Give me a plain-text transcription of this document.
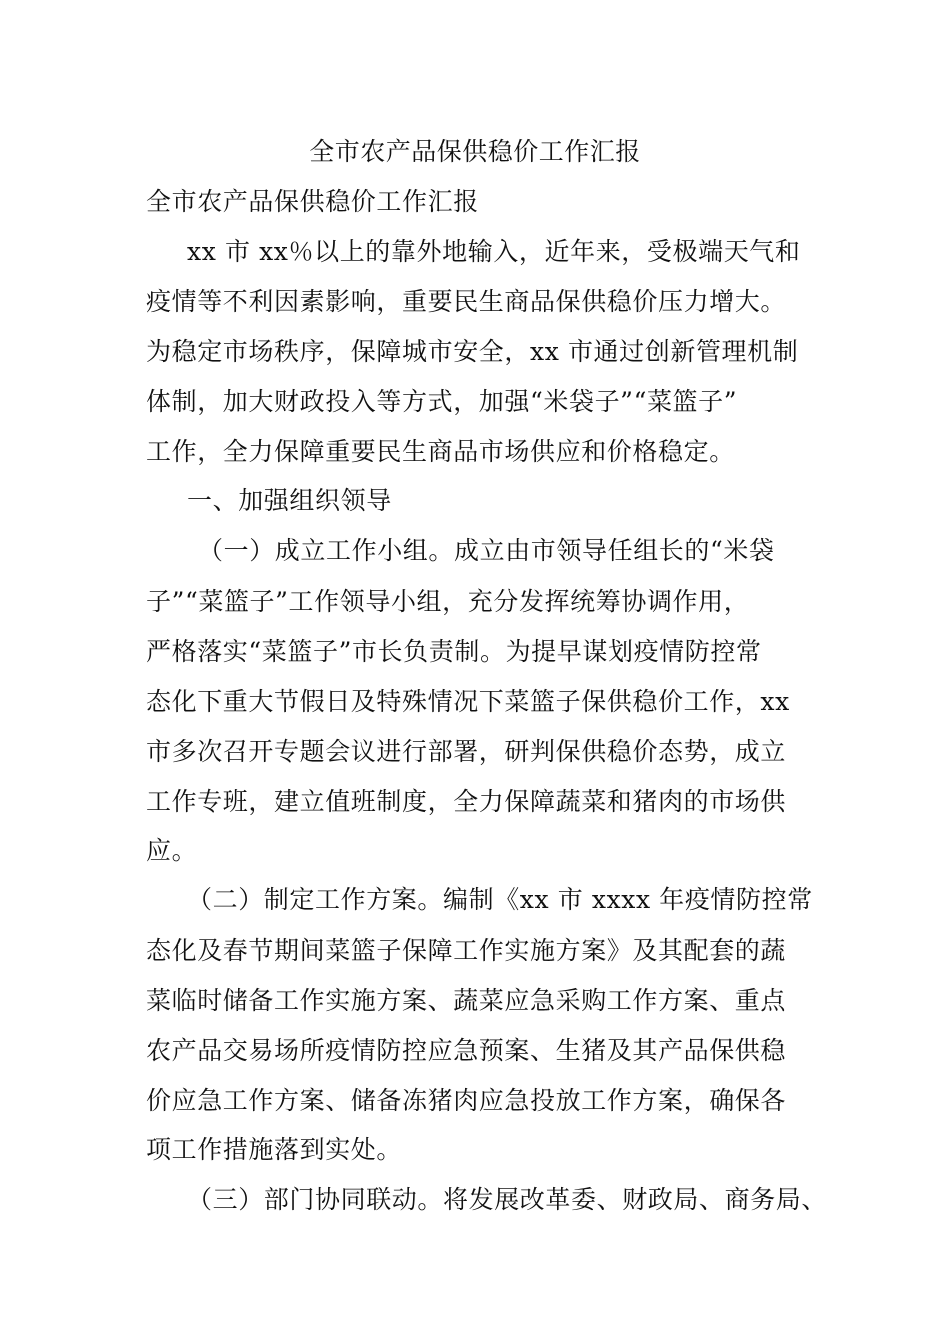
全市农产品保供稳价工作汇报
全市农产品保供稳价工作汇报
xx 市 xx％以上的靠外地输入，近年来，受极端天气和
疫情等不利因素影响，重要民生商品保供稳价压力增大。
为稳定市场秩序，保障城市安全，xx 市通过创新管理机制
体制，加大财政投入等方式，加强“米袋子”“菜篮子”
工作，全力保障重要民生商品市场供应和价格稳定。
一、加强组织领导
（一）成立工作小组。成立由市领导任组长的“米袋
子”“菜篮子”工作领导小组，充分发挥统筹协调作用，
严格落实“菜篮子”市长负责制。为提早谋划疫情防控常
态化下重大节假日及特殊情况下菜篮子保供稳价工作，xx
市多次召开专题会议进行部署，研判保供稳价态势，成立
工作专班，建立值班制度，全力保障蔬菜和猪肉的市场供
应。
（二）制定工作方案。编制《xx 市 xxxx 年疫情防控常
态化及春节期间菜篮子保障工作实施方案》及其配套的蔬
菜临时储备工作实施方案、蔬菜应急采购工作方案、重点
农产品交易场所疫情防控应急预案、生猪及其产品保供稳
价应急工作方案、储备冻猪肉应急投放工作方案，确保各
项工作措施落到实处。
（三）部门协同联动。将发展改革委、财政局、商务局、
